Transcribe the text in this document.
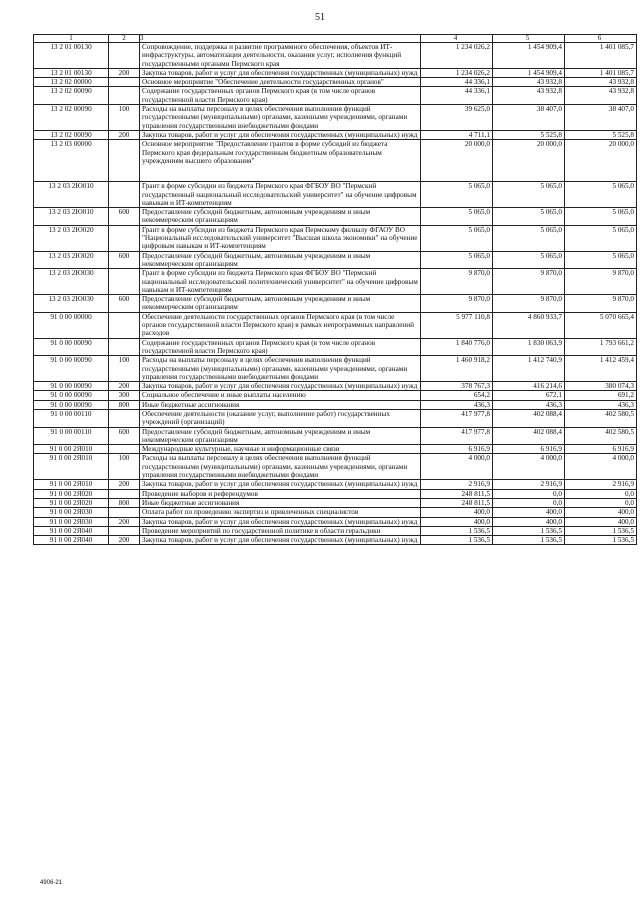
51
1	2	3	4	5	6
13 2 01 00130		Сопровождение, поддержка и развитие программного обеспечения, объектов ИТ-инфраструктуры, автоматизация деятельности, оказания услуг, исполнения функций государственными органами Пермского края	1 234 026,2	1 454 909,4	1 401 085,7
13 2 01 00130	200	Закупка товаров, работ и услуг для обеспечения государственных (муниципальных) нужд	1 234 026,2	1 454 909,4	1 401 085,7
13 2 02 00000		Основное мероприятие "Обеспечение деятельности государственных органов"	44 336,1	43 932,8	43 932,8
13 2 02 00090		Содержание государственных органов Пермского края (в том числе органов государственной власти Пермского края)	44 336,1	43 932,8	43 932,8
13 2 02 00090	100	Расходы на выплаты персоналу в целях обеспечения выполнения функций государственными (муниципальными) органами, казенными учреждениями, органами управления государственными внебюджетными фондами	39 625,0	38 407,0	38 407,0
13 2 02 00090	200	Закупка товаров, работ и услуг для обеспечения государственных (муниципальных) нужд	4 711,1	5 525,8	5 525,8
13 2 03 00000		Основное мероприятие "Предоставление грантов в форме субсидий из бюджета Пермского края федеральным государственным бюджетным образовательным учреждениям высшего образования"	20 000,0	20 000,0	20 000,0
13 2 03 2Ю010		Грант в форме субсидии из бюджета Пермского края ФГБОУ ВО "Пермский государственный национальный исследовательский университет" на обучение цифровым навыкам и ИТ-компетенциям	5 065,0	5 065,0	5 065,0
13 2 03 2Ю010	600	Предоставление субсидий бюджетным, автономным учреждениям и иным некоммерческим организациям	5 065,0	5 065,0	5 065,0
13 2 03 2Ю020		Грант в форме субсидии из бюджета Пермского края Пермскому филиалу ФГАОУ ВО "Национальный исследовательский университет "Высшая школа экономики" на обучение цифровым навыкам и ИТ-компетенциям	5 065,0	5 065,0	5 065,0
13 2 03 2Ю020	600	Предоставление субсидий бюджетным, автономным учреждениям и иным некоммерческим организациям	5 065,0	5 065,0	5 065,0
13 2 03 2Ю030		Грант в форме субсидии из бюджета Пермского края ФГБОУ ВО "Пермский национальный исследовательский политехнический университет" на обучение цифровым навыкам и ИТ-компетенциям	9 870,0	9 870,0	9 870,0
13 2 03 2Ю030	600	Предоставление субсидий бюджетным, автономным учреждениям и иным некоммерческим организациям	9 870,0	9 870,0	9 870,0
91 0 00 00000		Обеспечение деятельности государственных органов Пермского края (в том числе органов государственной власти Пермского края) в рамках непрограммных направлений расходов	5 977 110,8	4 860 933,7	5 070 665,4
91 0 00 00090		Содержание государственных органов Пермского края (в том числе органов государственной власти Пермского края)	1 840 776,0	1 830 063,9	1 793 661,2
91 0 00 00090	100	Расходы на выплаты персоналу в целях обеспечения выполнения функций государственными (муниципальными) органами, казенными учреждениями, органами управления государственными внебюджетными фондами	1 460 918,2	1 412 740,9	1 412 459,4
91 0 00 00090	200	Закупка товаров, работ и услуг для обеспечения государственных (муниципальных) нужд	378 767,3	416 214,6	380 074,3
91 0 00 00090	300	Социальное обеспечение и иные выплаты населению	654,2	672,1	691,2
91 0 00 00090	800	Иные бюджетные ассигнования	436,3	436,3	436,3
91 0 00 00110		Обеспечение деятельности (оказание услуг, выполнение работ) государственных учреждений (организаций)	417 977,8	402 088,4	402 580,5
91 0 00 00110	600	Предоставление субсидий бюджетным, автономным учреждениям и иным некоммерческим организациям	417 977,8	402 088,4	402 580,5
91 0 00 2Я010		Международные культурные, научные и информационные связи	6 916,9	6 916,9	6 916,9
91 0 00 2Я010	100	Расходы на выплаты персоналу в целях обеспечения выполнения функций государственными (муниципальными) органами, казенными учреждениями, органами управления государственными внебюджетными фондами	4 000,0	4 000,0	4 000,0
91 0 00 2Я010	200	Закупка товаров, работ и услуг для обеспечения государственных (муниципальных) нужд	2 916,9	2 916,9	2 916,9
91 0 00 2Я020		Проведение выборов и референдумов	248 811,5	0,0	0,0
91 0 00 2Я020	800	Иные бюджетные ассигнования	248 811,5	0,0	0,0
91 0 00 2Я030		Оплата работ по проведению экспертиз и привлеченных специалистов	400,0	400,0	400,0
91 0 00 2Я030	200	Закупка товаров, работ и услуг для обеспечения государственных (муниципальных) нужд	400,0	400,0	400,0
91 0 00 2Я040		Проведение мероприятий по государственной политике в области геральдики	1 536,5	1 536,5	1 536,5
91 0 00 2Я040	200	Закупка товаров, работ и услуг для обеспечения государственных (муниципальных) нужд	1 536,5	1 536,5	1 536,5
4906-21
